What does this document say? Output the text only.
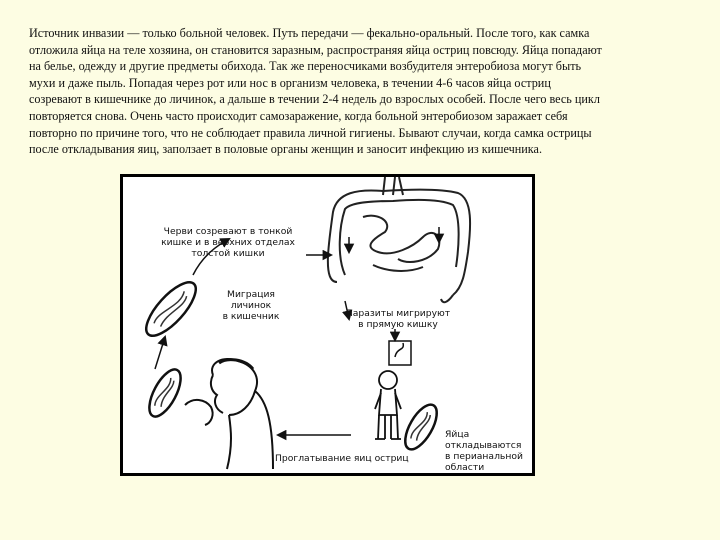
Источник инвазии — только больной человек. Путь передачи — фекально-оральный. После того, как самка
отложила яйца на теле хозяина, он становится заразным, распространяя яйца остриц повсюду. Яйца попадают
на белье, одежду и другие предметы обихода. Так же переносчиками возбудителя энтеробиоза могут быть
мухи и даже пыль. Попадая через рот или нос в организм человека, в течении 4-6 часов яйца остриц
созревают в кишечнике до личинок, а дальше в течении 2-4 недель до взрослых особей. После чего весь цикл
повторяется снова. Очень часто происходит самозаражение, когда больной энтеробиозом заражает себя
повторно по причине того, что не соблюдает правила личной гигиены. Бывают случаи, когда самка острицы
после откладывания яиц, заползает в половые органы женщин и заносит инфекцию из кишечника.
Черви созревают в тонкой
кишке и в верхних отделах
толстой кишки
Миграция
личинок
в кишечник	Паразиты мигрируют
в прямую кишку
Проглатывание яиц остриц
Яйца
откладываются
в перианальной
области
